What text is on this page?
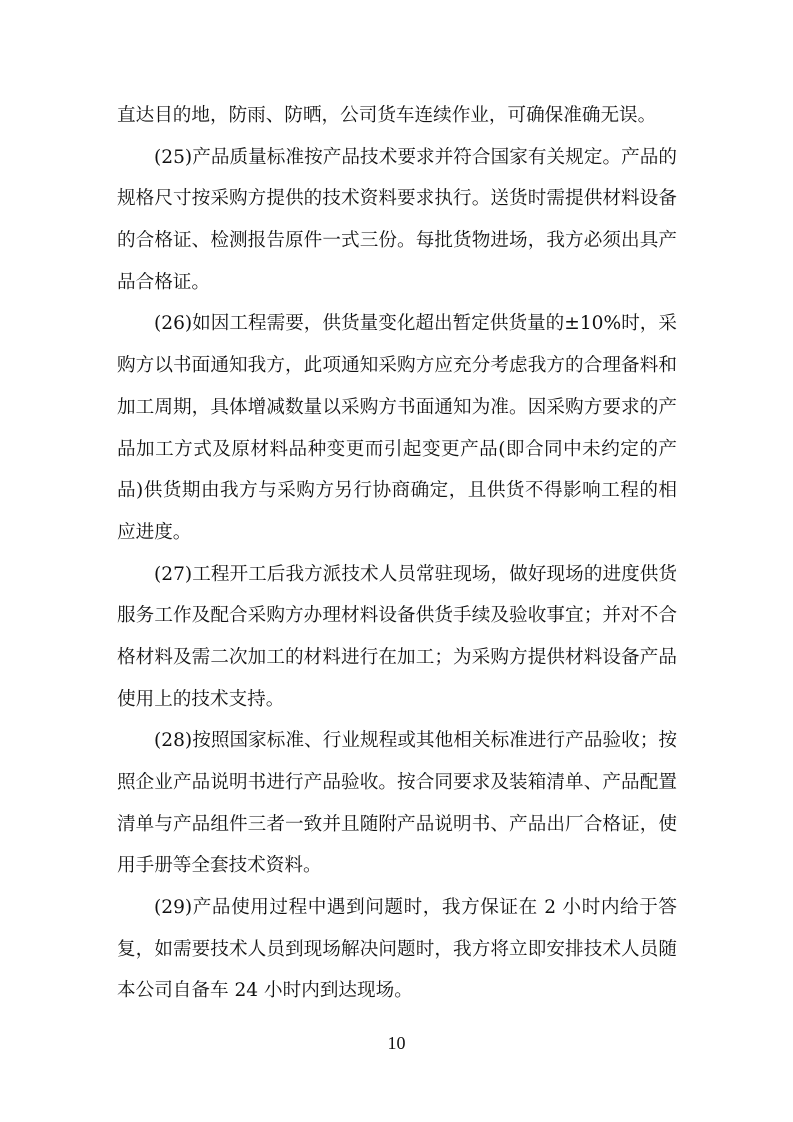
直达目的地，防雨、防晒，公司货车连续作业，可确保准确无误。
(25)产品质量标准按产品技术要求并符合国家有关规定。产品的
规格尺寸按采购方提供的技术资料要求执行。送货时需提供材料设备
的合格证、检测报告原件一式三份。每批货物进场，我方必须出具产
品合格证。
(26)如因工程需要，供货量变化超出暂定供货量的±10%时，采
购方以书面通知我方，此项通知采购方应充分考虑我方的合理备料和
加工周期，具体增减数量以采购方书面通知为准。因采购方要求的产
品加工方式及原材料品种变更而引起变更产品(即合同中未约定的产
品)供货期由我方与采购方另行协商确定，且供货不得影响工程的相
应进度。
(27)工程开工后我方派技术人员常驻现场，做好现场的进度供货
服务工作及配合采购方办理材料设备供货手续及验收事宜；并对不合
格材料及需二次加工的材料进行在加工；为采购方提供材料设备产品
使用上的技术支持。
(28)按照国家标准、行业规程或其他相关标准进行产品验收；按
照企业产品说明书进行产品验收。按合同要求及装箱清单、产品配置
清单与产品组件三者一致并且随附产品说明书、产品出厂合格证，使
用手册等全套技术资料。
(29)产品使用过程中遇到问题时，我方保证在 2 小时内给于答
复，如需要技术人员到现场解决问题时，我方将立即安排技术人员随
本公司自备车 24 小时内到达现场。
10
